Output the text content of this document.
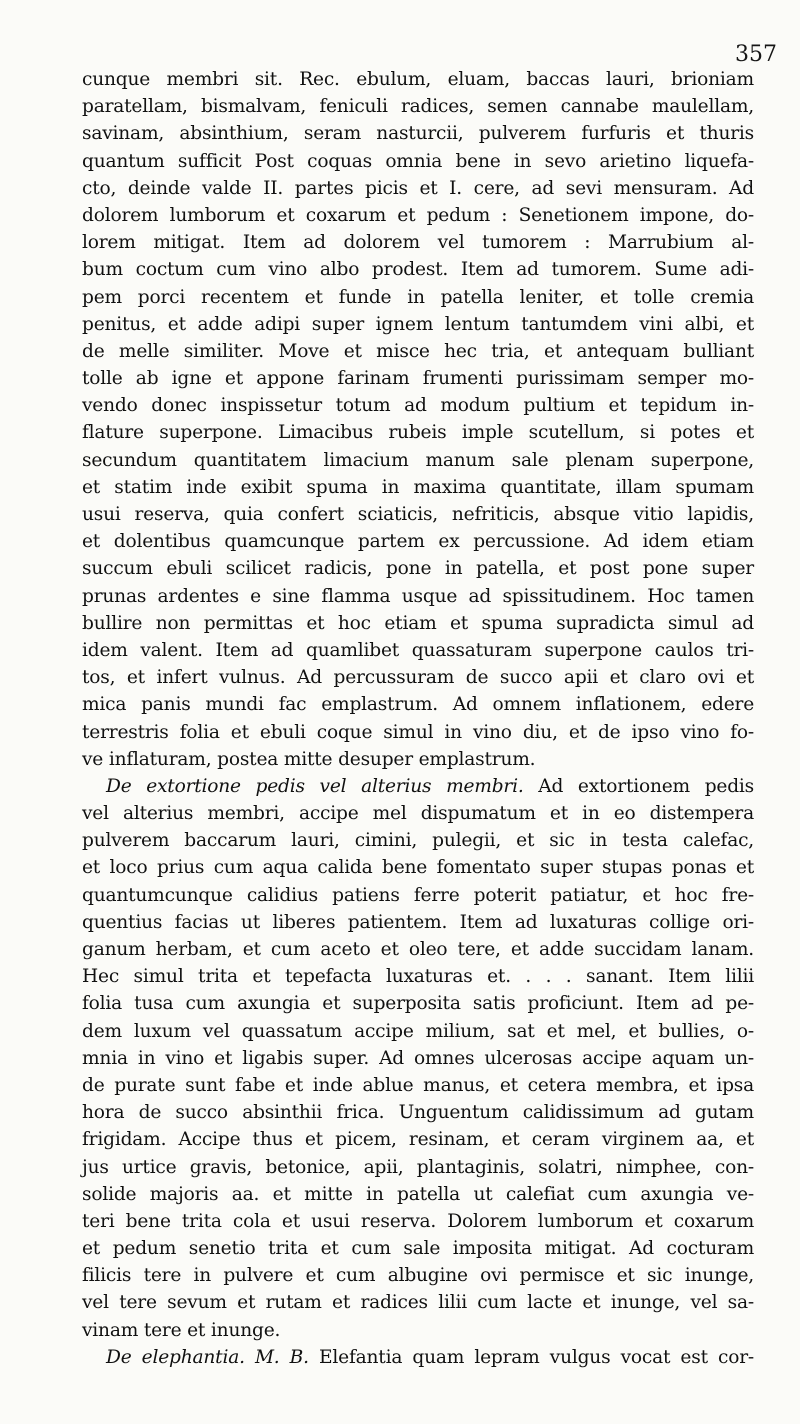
357
cunque membri sit. Rec. ebulum, eluam, baccas lauri, brioniam
paratellam, bismalvam, feniculi radices, semen cannabe maulellam,
savinam, absinthium, seram nasturcii, pulverem furfuris et thuris
quantum sufficit Post coquas omnia bene in sevo arietino liquefa-
cto, deinde valde II. partes picis et I. cere, ad sevi mensuram. Ad
dolorem lumborum et coxarum et pedum : Senetionem impone, do-
lorem mitigat. Item ad dolorem vel tumorem : Marrubium al-
bum coctum cum vino albo prodest. Item ad tumorem. Sume adi-
pem porci recentem et funde in patella leniter, et tolle cremia
penitus, et adde adipi super ignem lentum tantumdem vini albi, et
de melle similiter. Move et misce hec tria, et antequam bulliant
tolle ab igne et appone farinam frumenti purissimam semper mo-
vendo donec inspissetur totum ad modum pultium et tepidum in-
flature superpone. Limacibus rubeis imple scutellum, si potes et
secundum quantitatem limacium manum sale plenam superpone,
et statim inde exibit spuma in maxima quantitate, illam spumam
usui reserva, quia confert sciaticis, nefriticis, absque vitio lapidis,
et dolentibus quamcunque partem ex percussione. Ad idem etiam
succum ebuli scilicet radicis, pone in patella, et post pone super
prunas ardentes e sine flamma usque ad spissitudinem. Hoc tamen
bullire non permittas et hoc etiam et spuma supradicta simul ad
idem valent. Item ad quamlibet quassaturam superpone caulos tri-
tos, et infert vulnus. Ad percussuram de succo apii et claro ovi et
mica panis mundi fac emplastrum. Ad omnem inflationem, edere
terrestris folia et ebuli coque simul in vino diu, et de ipso vino fo-
ve inflaturam, postea mitte desuper emplastrum.
De extortione pedis vel alterius membri. Ad extortionem pedis
vel alterius membri, accipe mel dispumatum et in eo distempera
pulverem baccarum lauri, cimini, pulegii, et sic in testa calefac,
et loco prius cum aqua calida bene fomentato super stupas ponas et
quantumcunque calidius patiens ferre poterit patiatur, et hoc fre-
quentius facias ut liberes patientem. Item ad luxaturas collige ori-
ganum herbam, et cum aceto et oleo tere, et adde succidam lanam.
Hec simul trita et tepefacta luxaturas et. . . . sanant. Item lilii
folia tusa cum axungia et superposita satis proficiunt. Item ad pe-
dem luxum vel quassatum accipe milium, sat et mel, et bullies, o-
mnia in vino et ligabis super. Ad omnes ulcerosas accipe aquam un-
de purate sunt fabe et inde ablue manus, et cetera membra, et ipsa
hora de succo absinthii frica. Unguentum calidissimum ad gutam
frigidam. Accipe thus et picem, resinam, et ceram virginem aa, et
jus urtice gravis, betonice, apii, plantaginis, solatri, nimphee, con-
solide majoris aa. et mitte in patella ut calefiat cum axungia ve-
teri bene trita cola et usui reserva. Dolorem lumborum et coxarum
et pedum senetio trita et cum sale imposita mitigat. Ad cocturam
filicis tere in pulvere et cum albugine ovi permisce et sic inunge,
vel tere sevum et rutam et radices lilii cum lacte et inunge, vel sa-
vinam tere et inunge.
De elephantia. M. B. Elefantia quam lepram vulgus vocat est cor-
